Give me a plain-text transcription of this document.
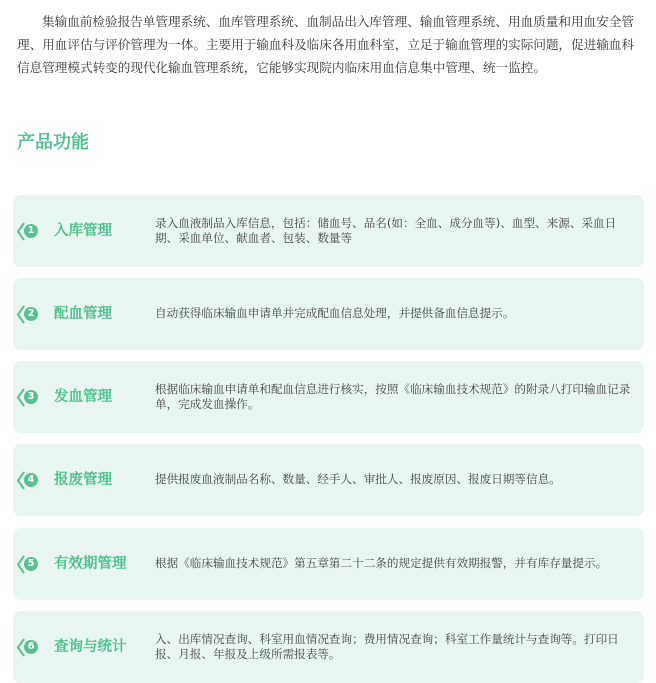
集输血前检验报告单管理系统、血库管理系统、血制品出入库管理、输血管理系统、用血质量和用血安全管理、用血评估与评价管理为一体。主要用于输血科及临床各用血科室，立足于输血管理的实际问题，促进输血科信息管理模式转变的现代化输血管理系统，它能够实现院内临床用血信息集中管理、统一监控。

产品功能
1 入库管理

录入血液制品入库信息，包括：储血号、品名(如：全血、成分血等)、血型、来源、采血日期、采血单位、献血者、包装、数量等

2 配血管理	自动获得临床输血申请单并完成配血信息处理，并提供备血信息提示。

3 发血管理

根据临床输血申请单和配血信息进行核实，按照《临床输血技术规范》的附录八打印输血记录单，完成发血操作。

4 报废管理	提供报废血液制品名称、数量、经手人、审批人、报废原因、报废日期等信息。

5 有效期管理 根据《临床输血技术规范》第五章第二十二条的规定提供有效期报警，并有库存量提示。

6 查询与统计

入、出库情况查询、科室用血情况查询；费用情况查询；科室工作量统计与查询等。打印日报、月报、年报及上级所需报表等。
